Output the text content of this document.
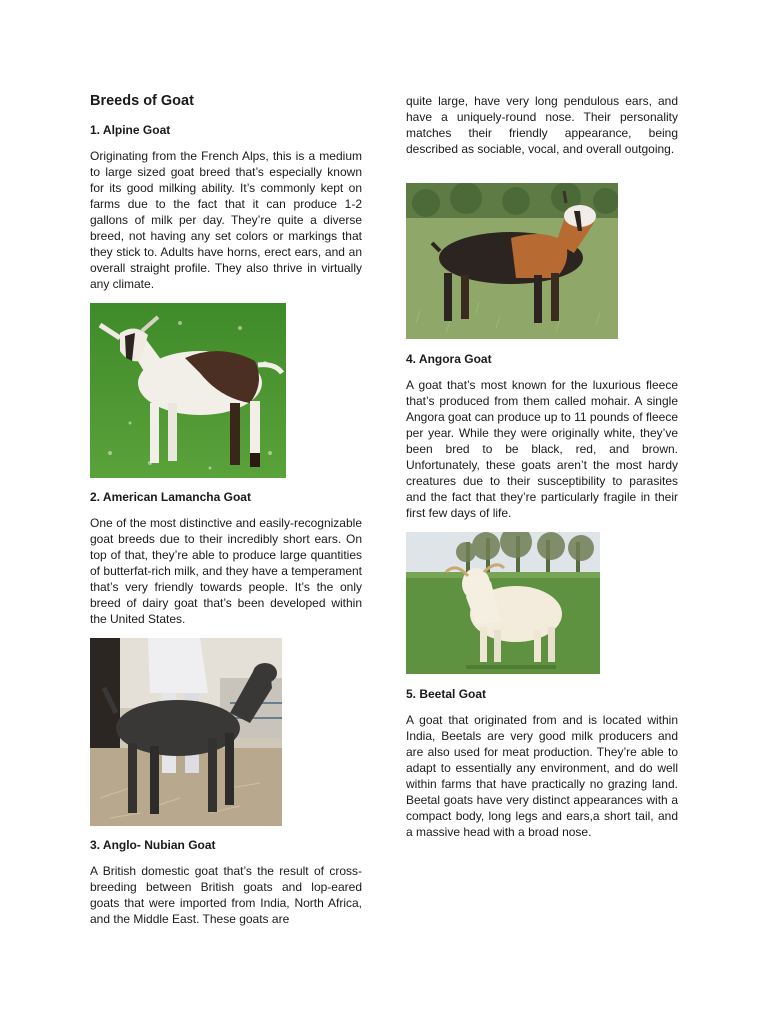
Breeds of Goat
1. Alpine Goat

Originating from the French Alps, this is a medium to large sized goat breed that’s especially known for its good milking ability. It’s commonly kept on farms due to the fact that it can produce 1-2 gallons of milk per day. They’re quite a diverse breed, not having any set colors or markings that they stick to. Adults have horns, erect ears, and an overall straight profile. They also thrive in virtually any climate.

2. American Lamancha Goat

One of the most distinctive and easily-recognizable goat breeds due to their incredibly short ears. On top of that, they’re able to produce large quantities of butterfat-rich milk, and they have a temperament that’s very friendly towards people. It’s the only breed of dairy goat that’s been developed within the United States.

3. Anglo- Nubian Goat

A British domestic goat that’s the result of cross-breeding between British goats and lop-eared goats that were imported from India, North Africa, and the Middle East. These goats are

quite large, have very long pendulous ears, and have a uniquely-round nose. Their personality matches their friendly appearance, being described as sociable, vocal, and overall outgoing.

4. Angora Goat

A goat that’s most known for the luxurious fleece that’s produced from them called mohair. A single Angora goat can produce up to 11 pounds of fleece per year. While they were originally white, they’ve been bred to be black, red, and brown. Unfortunately, these goats aren’t the most hardy creatures due to their susceptibility to parasites and the fact that they’re particularly fragile in their first few days of life.

5. Beetal Goat

A goat that originated from and is located within India, Beetals are very good milk producers and are also used for meat production. They’re able to adapt to essentially any environment, and do well within farms that have practically no grazing land. Beetal goats have very distinct appearances with a compact body, long legs and ears,a short tail, and a massive head with a broad nose.
